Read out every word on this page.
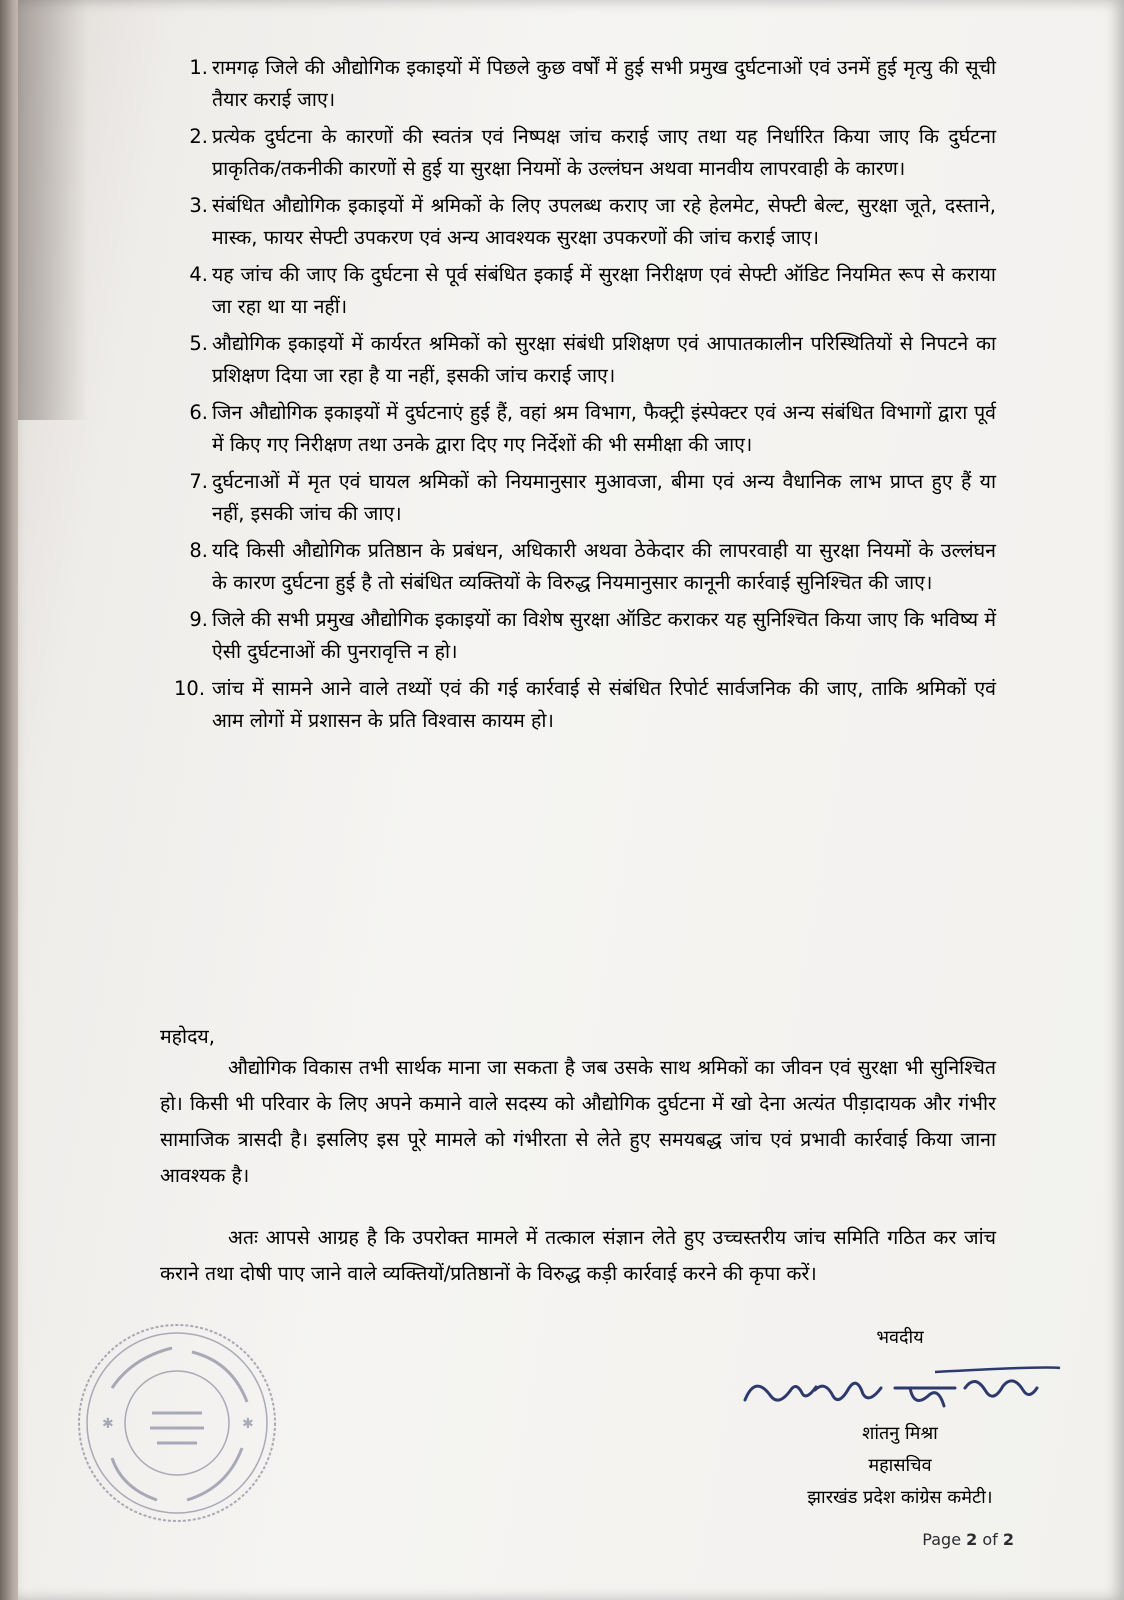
1. रामगढ़ जिले की औद्योगिक इकाइयों में पिछले कुछ वर्षों में हुई सभी प्रमुख दुर्घटनाओं एवं उनमें हुई मृत्यु की सूची तैयार कराई जाए।
2. प्रत्येक दुर्घटना के कारणों की स्वतंत्र एवं निष्पक्ष जांच कराई जाए तथा यह निर्धारित किया जाए कि दुर्घटना प्राकृतिक/तकनीकी कारणों से हुई या सुरक्षा नियमों के उल्लंघन अथवा मानवीय लापरवाही के कारण।
3. संबंधित औद्योगिक इकाइयों में श्रमिकों के लिए उपलब्ध कराए जा रहे हेलमेट, सेफ्टी बेल्ट, सुरक्षा जूते, दस्ताने, मास्क, फायर सेफ्टी उपकरण एवं अन्य आवश्यक सुरक्षा उपकरणों की जांच कराई जाए।
4. यह जांच की जाए कि दुर्घटना से पूर्व संबंधित इकाई में सुरक्षा निरीक्षण एवं सेफ्टी ऑडिट नियमित रूप से कराया जा रहा था या नहीं।
5. औद्योगिक इकाइयों में कार्यरत श्रमिकों को सुरक्षा संबंधी प्रशिक्षण एवं आपातकालीन परिस्थितियों से निपटने का प्रशिक्षण दिया जा रहा है या नहीं, इसकी जांच कराई जाए।
6. जिन औद्योगिक इकाइयों में दुर्घटनाएं हुई हैं, वहां श्रम विभाग, फैक्ट्री इंस्पेक्टर एवं अन्य संबंधित विभागों द्वारा पूर्व में किए गए निरीक्षण तथा उनके द्वारा दिए गए निर्देशों की भी समीक्षा की जाए।
7. दुर्घटनाओं में मृत एवं घायल श्रमिकों को नियमानुसार मुआवजा, बीमा एवं अन्य वैधानिक लाभ प्राप्त हुए हैं या नहीं, इसकी जांच की जाए।
8. यदि किसी औद्योगिक प्रतिष्ठान के प्रबंधन, अधिकारी अथवा ठेकेदार की लापरवाही या सुरक्षा नियमों के उल्लंघन के कारण दुर्घटना हुई है तो संबंधित व्यक्तियों के विरुद्ध नियमानुसार कानूनी कार्रवाई सुनिश्चित की जाए।
9. जिले की सभी प्रमुख औद्योगिक इकाइयों का विशेष सुरक्षा ऑडिट कराकर यह सुनिश्चित किया जाए कि भविष्य में ऐसी दुर्घटनाओं की पुनरावृत्ति न हो।
10. जांच में सामने आने वाले तथ्यों एवं की गई कार्रवाई से संबंधित रिपोर्ट सार्वजनिक की जाए, ताकि श्रमिकों एवं आम लोगों में प्रशासन के प्रति विश्वास कायम हो।
महोदय,

औद्योगिक विकास तभी सार्थक माना जा सकता है जब उसके साथ श्रमिकों का जीवन एवं सुरक्षा भी सुनिश्चित हो। किसी भी परिवार के लिए अपने कमाने वाले सदस्य को औद्योगिक दुर्घटना में खो देना अत्यंत पीड़ादायक और गंभीर सामाजिक त्रासदी है। इसलिए इस पूरे मामले को गंभीरता से लेते हुए समयबद्ध जांच एवं प्रभावी कार्रवाई किया जाना आवश्यक है।

अतः आपसे आग्रह है कि उपरोक्त मामले में तत्काल संज्ञान लेते हुए उच्चस्तरीय जांच समिति गठित कर जांच कराने तथा दोषी पाए जाने वाले व्यक्तियों/प्रतिष्ठानों के विरुद्ध कड़ी कार्रवाई करने की कृपा करें।

✱	✱
भवदीय
शांतनु मिश्रा
महासचिव
झारखंड प्रदेश कांग्रेस कमेटी।
Page 2 of 2
